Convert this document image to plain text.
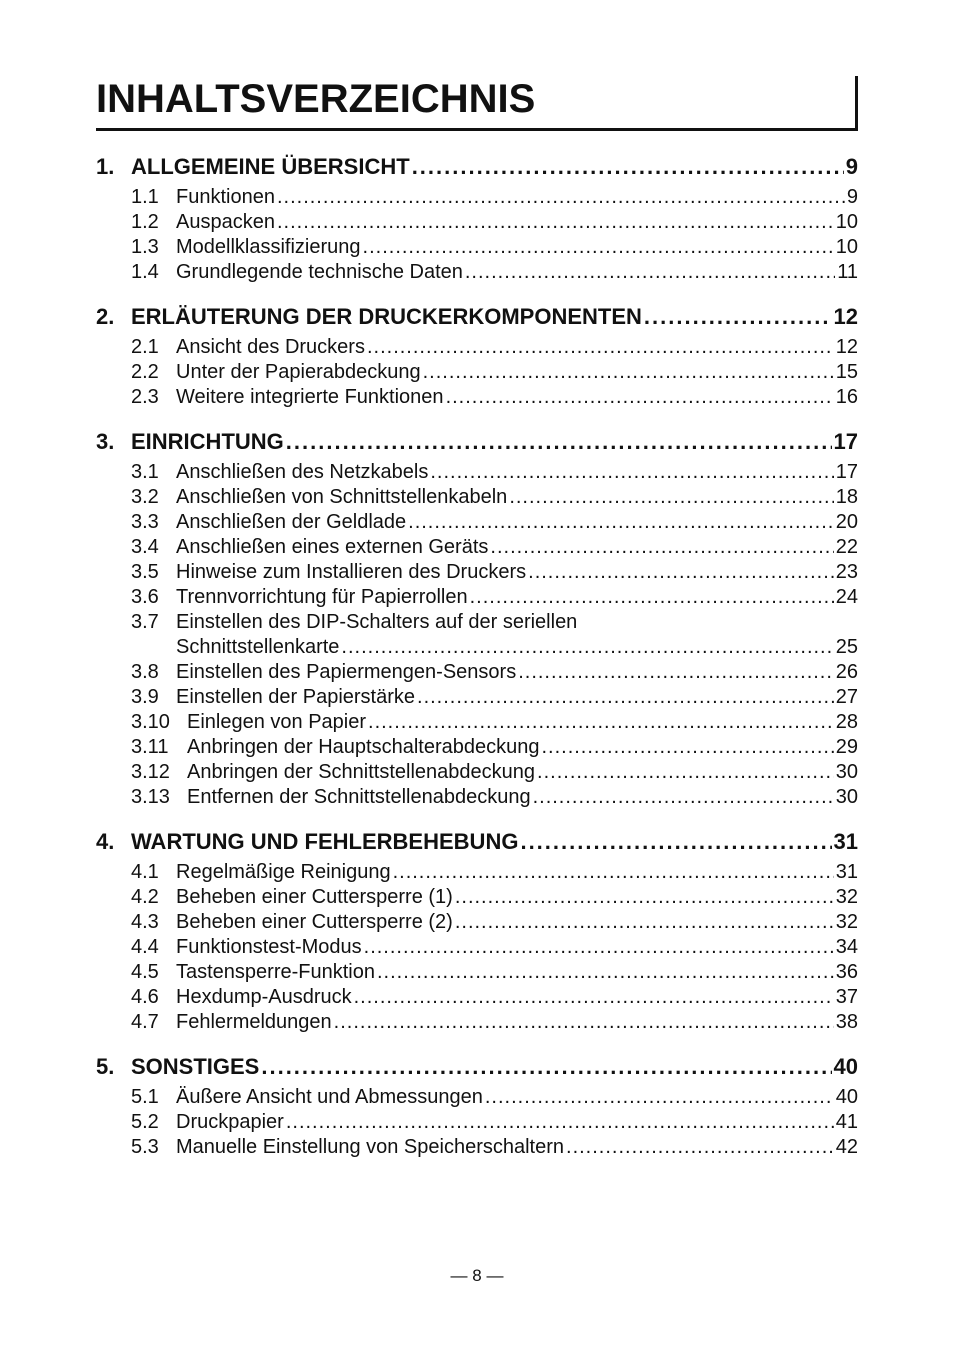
INHALTSVERZEICHNIS
1. ALLGEMEINE ÜBERSICHT .....	9
1.1 Funktionen .....	9
1.2 Auspacken .....	10
1.3 Modellklassifizierung .....	10
1.4 Grundlegende technische Daten .....	11
2. ERLÄUTERUNG DER DRUCKERKOMPONENTEN .....	12
2.1 Ansicht des Druckers .....	12
2.2 Unter der Papierabdeckung .....	15
2.3 Weitere integrierte Funktionen .....	16
3. EINRICHTUNG .....	17
3.1 Anschließen des Netzkabels .....	17
3.2 Anschließen von Schnittstellenkabeln .....	18
3.3 Anschließen der Geldlade .....	20
3.4 Anschließen eines externen Geräts .....	22
3.5 Hinweise zum Installieren des Druckers .....	23
3.6 Trennvorrichtung für Papierrollen .....	24
3.7 Einstellen des DIP-Schalters auf der seriellen
Schnittstellenkarte .....	25
3.8 Einstellen des Papiermengen-Sensors .....	26
3.9 Einstellen der Papierstärke .....	27
3.10 Einlegen von Papier .....	28
3.11 Anbringen der Hauptschalterabdeckung .....	29
3.12 Anbringen der Schnittstellenabdeckung .....	30
3.13 Entfernen der Schnittstellenabdeckung .....	30
4. WARTUNG UND FEHLERBEHEBUNG .....	31
4.1 Regelmäßige Reinigung .....	31
4.2 Beheben einer Cuttersperre (1) .....	32
4.3 Beheben einer Cuttersperre (2) .....	32
4.4 Funktionstest-Modus .....	34
4.5 Tastensperre-Funktion .....	36
4.6 Hexdump-Ausdruck .....	37
4.7 Fehlermeldungen .....	38
5. SONSTIGES .....	40
5.1 Äußere Ansicht und Abmessungen .....	40
5.2 Druckpapier .....	41
5.3 Manuelle Einstellung von Speicherschaltern .....	42
— 8 —
